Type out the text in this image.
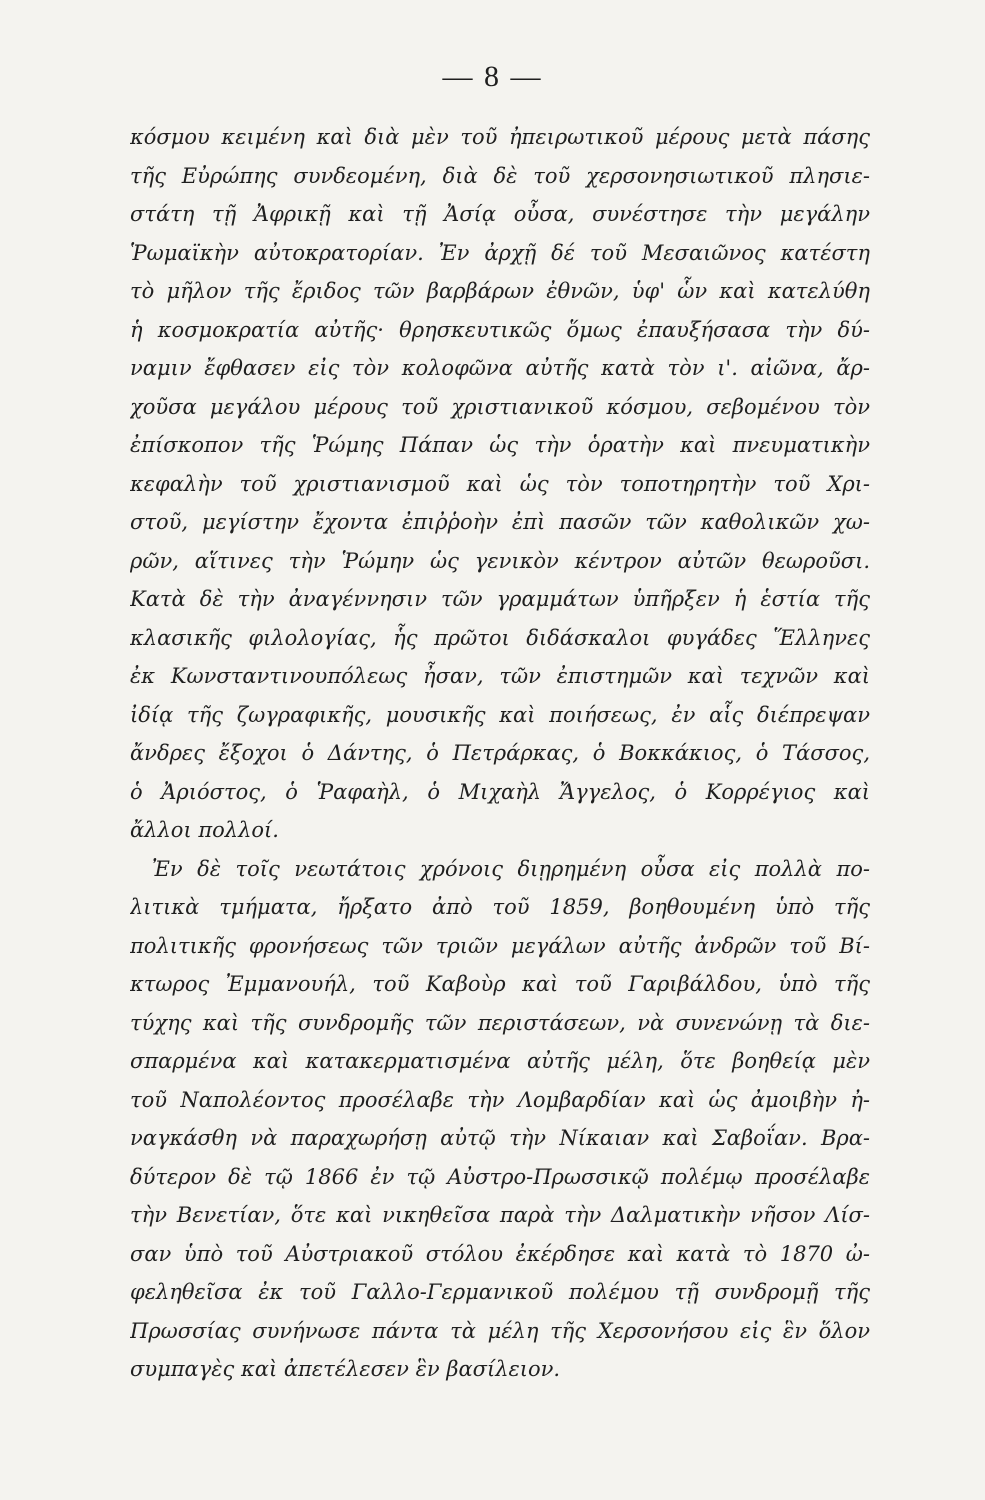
— 8 —
κόσμου κειμένη καὶ διὰ μὲν τοῦ ἠπειρωτικοῦ μέρους μετὰ πάσης
τῆς Εὐρώπης συνδεομένη, διὰ δὲ τοῦ χερσονησιωτικοῦ πλησιε-
στάτη τῇ Ἀφρικῇ καὶ τῇ Ἀσίᾳ οὖσα, συνέστησε τὴν μεγάλην
Ῥωμαϊκὴν αὐτοκρατορίαν. Ἐν ἀρχῇ δέ τοῦ Μεσαιῶνος κατέστη
τὸ μῆλον τῆς ἔριδος τῶν βαρβάρων ἐθνῶν, ὑφ' ὧν καὶ κατελύθη
ἡ κοσμοκρατία αὐτῆς· θρησκευτικῶς ὅμως ἐπαυξήσασα τὴν δύ-
ναμιν ἔφθασεν εἰς τὸν κολοφῶνα αὐτῆς κατὰ τὸν ι'. αἰῶνα, ἄρ-
χοῦσα μεγάλου μέρους τοῦ χριστιανικοῦ κόσμου, σεβομένου τὸν
ἐπίσκοπον τῆς Ῥώμης Πάπαν ὡς τὴν ὁρατὴν καὶ πνευματικὴν
κεφαλὴν τοῦ χριστιανισμοῦ καὶ ὡς τὸν τοποτηρητὴν τοῦ Χρι-
στοῦ, μεγίστην ἔχοντα ἐπιῤῥοὴν ἐπὶ πασῶν τῶν καθολικῶν χω-
ρῶν, αἵτινες τὴν Ῥώμην ὡς γενικὸν κέντρον αὐτῶν θεωροῦσι.
Κατὰ δὲ τὴν ἀναγέννησιν τῶν γραμμάτων ὑπῆρξεν ἡ ἑστία τῆς
κλασικῆς φιλολογίας, ἧς πρῶτοι διδάσκαλοι φυγάδες Ἕλληνες
ἐκ Κωνσταντινουπόλεως ἦσαν, τῶν ἐπιστημῶν καὶ τεχνῶν καὶ
ἰδίᾳ τῆς ζωγραφικῆς, μουσικῆς καὶ ποιήσεως, ἐν αἷς διέπρεψαν
ἄνδρες ἔξοχοι ὁ Δάντης, ὁ Πετράρκας, ὁ Βοκκάκιος, ὁ Τάσσος,
ὁ Ἀριόστος, ὁ Ῥαφαὴλ, ὁ Μιχαὴλ Ἄγγελος, ὁ Κορρέγιος καὶ
ἄλλοι πολλοί.
Ἐν δὲ τοῖς νεωτάτοις χρόνοις διῃρημένη οὖσα εἰς πολλὰ πο-
λιτικὰ τμήματα, ἤρξατο ἀπὸ τοῦ 1859, βοηθουμένη ὑπὸ τῆς
πολιτικῆς φρονήσεως τῶν τριῶν μεγάλων αὐτῆς ἀνδρῶν τοῦ Βί-
κτωρος Ἐμμανουήλ, τοῦ Καβοὺρ καὶ τοῦ Γαριβάλδου, ὑπὸ τῆς
τύχης καὶ τῆς συνδρομῆς τῶν περιστάσεων, νὰ συνενώνῃ τὰ διε-
σπαρμένα καὶ κατακερματισμένα αὐτῆς μέλη, ὅτε βοηθείᾳ μὲν
τοῦ Ναπολέοντος προσέλαβε τὴν Λομβαρδίαν καὶ ὡς ἀμοιβὴν ἠ-
ναγκάσθη νὰ παραχωρήσῃ αὐτῷ τὴν Νίκαιαν καὶ Σαβοΐαν. Βρα-
δύτερον δὲ τῷ 1866 ἐν τῷ Αὐστρο-Πρωσσικῷ πολέμῳ προσέλαβε
τὴν Βενετίαν, ὅτε καὶ νικηθεῖσα παρὰ τὴν Δαλματικὴν νῆσον Λίσ-
σαν ὑπὸ τοῦ Αὐστριακοῦ στόλου ἐκέρδησε καὶ κατὰ τὸ 1870 ὠ-
φεληθεῖσα ἐκ τοῦ Γαλλο-Γερμανικοῦ πολέμου τῇ συνδρομῇ τῆς
Πρωσσίας συνήνωσε πάντα τὰ μέλη τῆς Χερσονήσου εἰς ἓν ὅλον
συμπαγὲς καὶ ἀπετέλεσεν ἓν βασίλειον.
